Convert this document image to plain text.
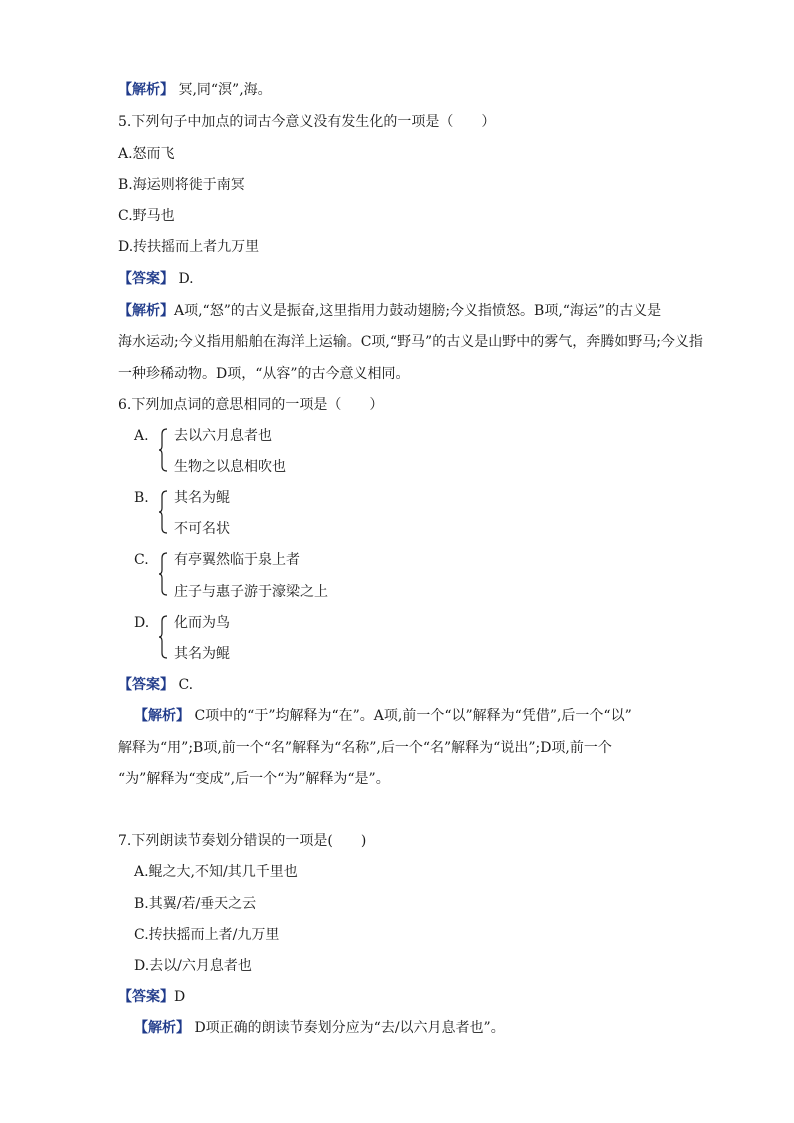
【解析】 冥,同“溟”,海。
5.下列句子中加点的词古今意义没有发生化的一项是（　　）
A.怒而飞
B.海运则将徙于南冥
C.野马也
D.抟扶摇而上者九万里
【答案】 D.
【解析】A项,“怒”的古义是振奋,这里指用力鼓动翅膀;今义指愤怒。B项,“海运”的古义是
海水运动;今义指用船舶在海洋上运输。C项,“野马”的古义是山野中的雾气，奔腾如野马;今义指
一种珍稀动物。D项，“从容”的古今意义相同。
6.下列加点词的意思相同的一项是（　　）
A. 去以六月息者也
生物之以息相吹也
B. 其名为鲲
不可名状
C. 有亭翼然临于泉上者
庄子与惠子游于濠梁之上
D. 化而为鸟
其名为鲲
【答案】 C.
【解析】 C项中的“于”均解释为“在”。A项,前一个“以”解释为“凭借”,后一个“以”
解释为“用”;B项,前一个“名”解释为“名称”,后一个“名”解释为“说出”;D项,前一个
“为”解释为“变成”,后一个“为”解释为“是”。
7.下列朗读节奏划分错误的一项是(　　)
A.鲲之大,不知/其几千里也
B.其翼/若/垂天之云
C.抟扶摇而上者/九万里
D.去以/六月息者也
【答案】D
【解析】 D项正确的朗读节奏划分应为“去/以六月息者也”。
